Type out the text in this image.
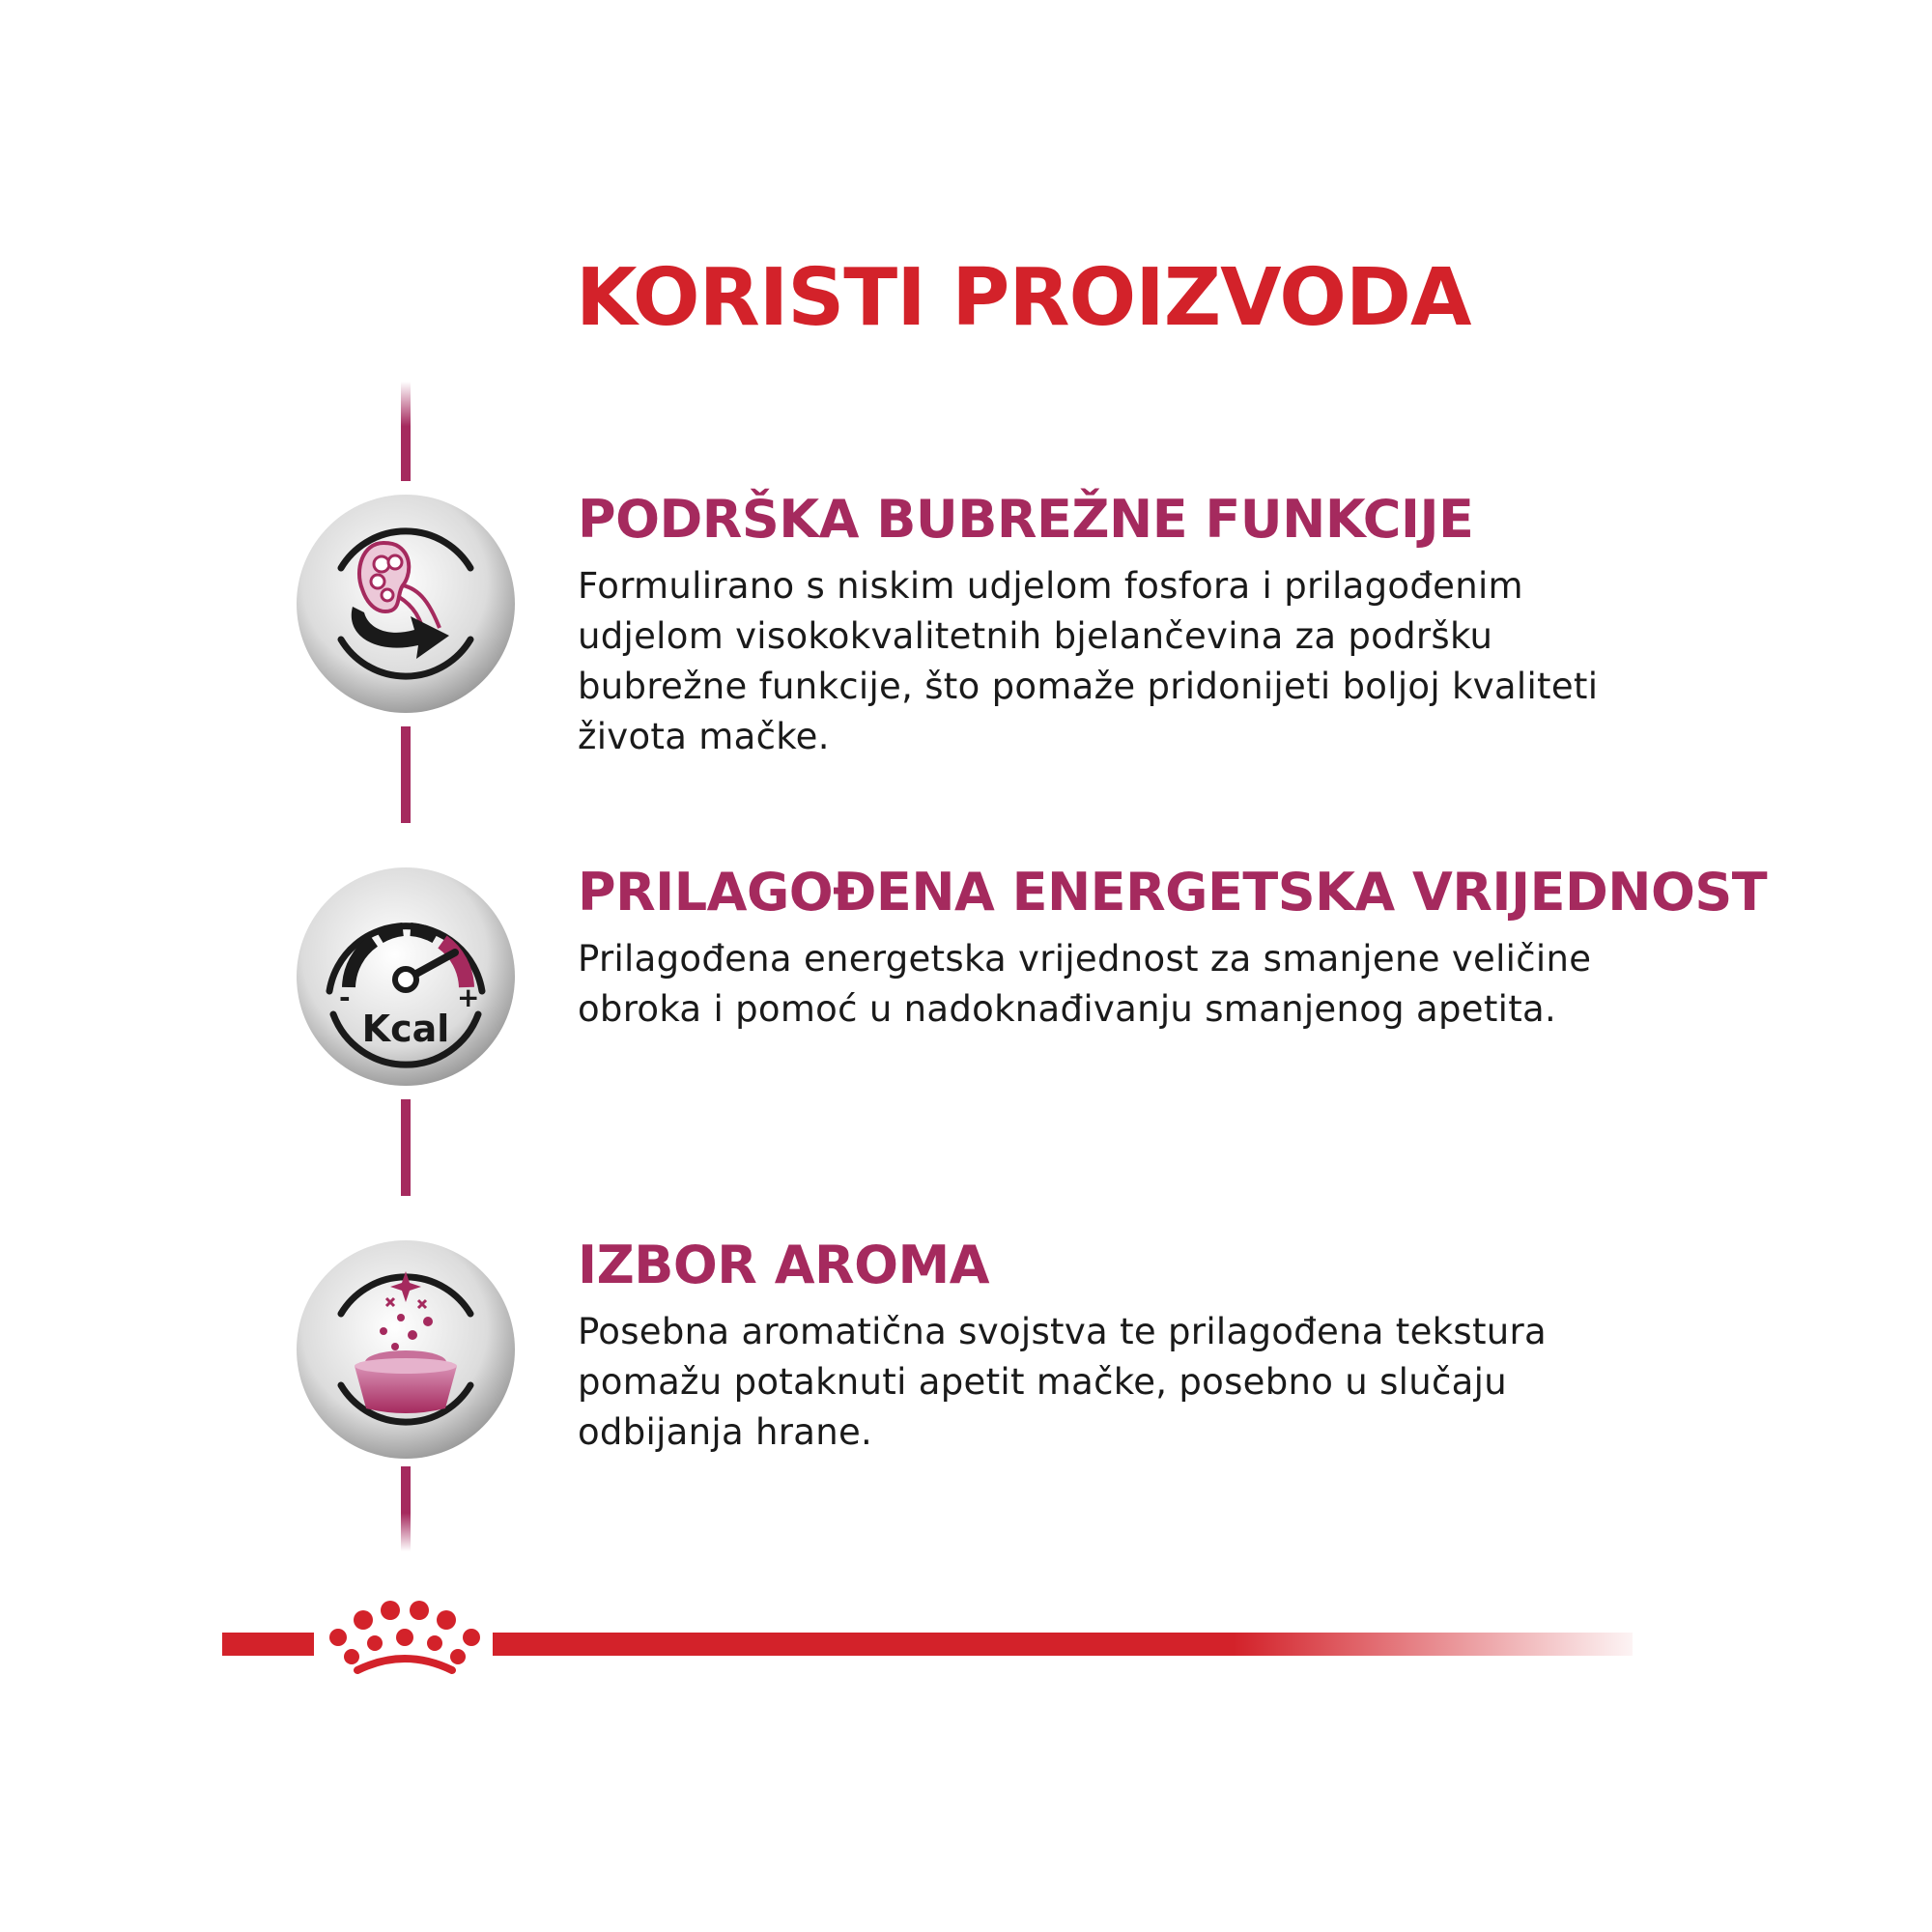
KORISTI PROIZVODA
-	+
Kcal
PODRŠKA BUBREŽNE FUNKCIJE

Formulirano s niskim udjelom fosfora i prilagođenim
udjelom visokokvalitetnih bjelančevina za podršku
bubrežne funkcije, što pomaže pridonijeti boljoj kvaliteti
života mačke.

PRILAGOĐENA ENERGETSKA VRIJEDNOST

Prilagođena energetska vrijednost za smanjene veličine
obroka i pomoć u nadoknađivanju smanjenog apetita.

IZBOR AROMA

Posebna aromatična svojstva te prilagođena tekstura
pomažu potaknuti apetit mačke, posebno u slučaju
odbijanja hrane.
